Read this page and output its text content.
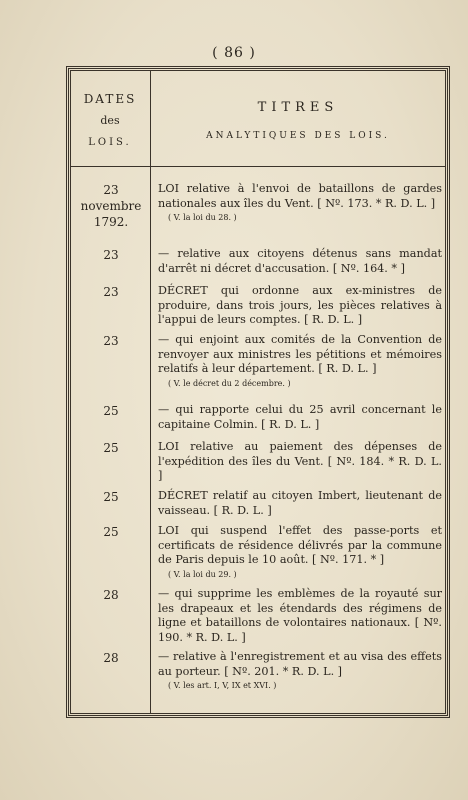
( 86 )
DATES
des
LOIS.
TITRES
ANALYTIQUES DES LOIS.
23 novembre 1792.
LOI relative à l'envoi de bataillons de gardes nationales aux îles du Vent. [ Nº. 173. * R. D. L. ]
( V. la loi du 28. )
23	— relative aux citoyens détenus sans mandat d'arrêt ni décret d'accusation. [ Nº. 164. * ]
23	DÉCRET qui ordonne aux ex-ministres de produire, dans trois jours, les pièces relatives à l'appui de leurs comptes. [ R. D. L. ]
23	— qui enjoint aux comités de la Convention de renvoyer aux ministres les pétitions et mémoires relatifs à leur département. [ R. D. L. ]
( V. le décret du 2 décembre. )
25	— qui rapporte celui du 25 avril concernant le capitaine Colmin. [ R. D. L. ]
25	LOI relative au paiement des dépenses de l'expédition des îles du Vent. [ Nº. 184. * R. D. L. ]
25	DÉCRET relatif au citoyen Imbert, lieutenant de vaisseau. [ R. D. L. ]
25	LOI qui suspend l'effet des passe-ports et certificats de résidence délivrés par la commune de Paris depuis le 10 août. [ Nº. 171. * ]
( V. la loi du 29. )
28	— qui supprime les emblèmes de la royauté sur les drapeaux et les étendards des régimens de ligne et bataillons de volontaires nationaux. [ Nº. 190. * R. D. L. ]
28	— relative à l'enregistrement et au visa des effets au porteur. [ Nº. 201. * R. D. L. ]
( V. les art. I, V, IX et XVI. )
